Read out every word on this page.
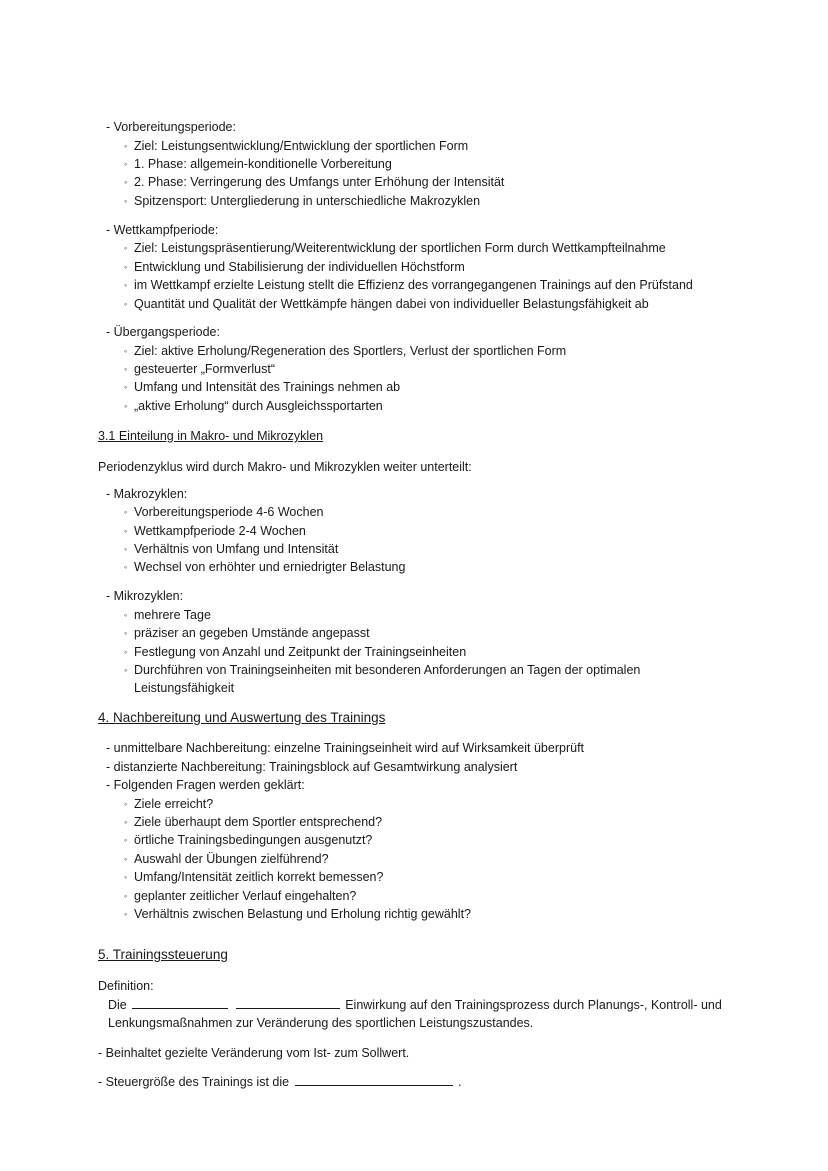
- Vorbereitungsperiode:
◦ Ziel: Leistungsentwicklung/Entwicklung der sportlichen Form
◦ 1. Phase: allgemein-konditionelle Vorbereitung
◦ 2. Phase: Verringerung des Umfangs unter Erhöhung der Intensität
◦ Spitzensport: Untergliederung in unterschiedliche Makrozyklen
- Wettkampfperiode:
◦ Ziel: Leistungspräsentierung/Weiterentwicklung der sportlichen Form durch Wettkampfteilnahme
◦ Entwicklung und Stabilisierung der individuellen Höchstform
◦ im Wettkampf erzielte Leistung stellt die Effizienz des vorrangegangenen Trainings auf den Prüfstand
◦ Quantität und Qualität der Wettkämpfe hängen dabei von individueller Belastungsfähigkeit ab
- Übergangsperiode:
◦ Ziel: aktive Erholung/Regeneration des Sportlers, Verlust der sportlichen Form
◦ gesteuerter „Formverlust“
◦ Umfang und Intensität des Trainings nehmen ab
◦ „aktive Erholung“ durch Ausgleichssportarten
3.1 Einteilung in Makro- und Mikrozyklen
Periodenzyklus wird durch Makro- und Mikrozyklen weiter unterteilt:
- Makrozyklen:
◦ Vorbereitungsperiode 4-6 Wochen
◦ Wettkampfperiode 2-4 Wochen
◦ Verhältnis von Umfang und Intensität
◦ Wechsel von erhöhter und erniedrigter Belastung
- Mikrozyklen:
◦ mehrere Tage
◦ präziser an gegeben Umstände angepasst
◦ Festlegung von Anzahl und Zeitpunkt der Trainingseinheiten
◦ Durchführen von Trainingseinheiten mit besonderen Anforderungen an Tagen der optimalen
Leistungsfähigkeit
4. Nachbereitung und Auswertung des Trainings
- unmittelbare Nachbereitung: einzelne Trainingseinheit wird auf Wirksamkeit überprüft
- distanzierte Nachbereitung: Trainingsblock auf Gesamtwirkung analysiert
- Folgenden Fragen werden geklärt:
◦ Ziele erreicht?
◦ Ziele überhaupt dem Sportler entsprechend?
◦ örtliche Trainingsbedingungen ausgenutzt?
◦ Auswahl der Übungen zielführend?
◦ Umfang/Intensität zeitlich korrekt bemessen?
◦ geplanter zeitlicher Verlauf eingehalten?
◦ Verhältnis zwischen Belastung und Erholung richtig gewählt?
5. Trainingssteuerung
Definition:
Die	Einwirkung auf den Trainingsprozess durch Planungs-, Kontroll- und
Lenkungsmaßnahmen zur Veränderung des sportlichen Leistungszustandes.
- Beinhaltet gezielte Veränderung vom Ist- zum Sollwert.
- Steuergröße des Trainings ist die	.
